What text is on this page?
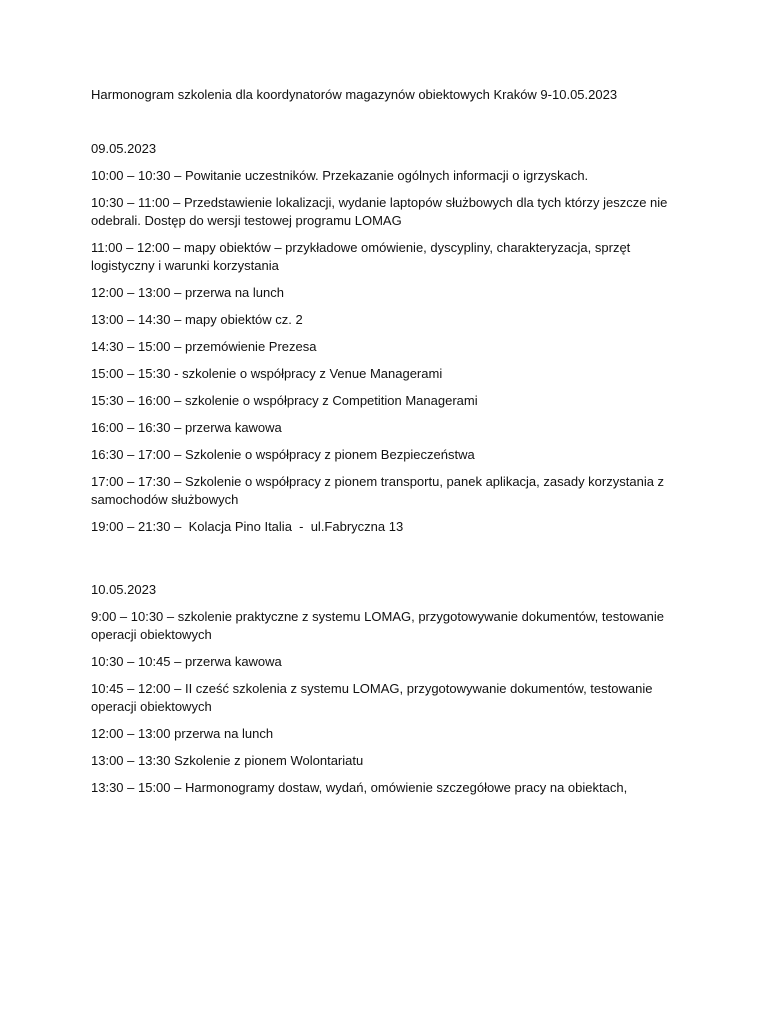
Harmonogram szkolenia dla koordynatorów magazynów obiektowych Kraków 9-10.05.2023

09.05.2023

10:00 – 10:30 – Powitanie uczestników. Przekazanie ogólnych informacji o igrzyskach.

10:30 – 11:00 – Przedstawienie lokalizacji, wydanie laptopów służbowych dla tych którzy jeszcze nie odebrali. Dostęp do wersji testowej programu LOMAG

11:00 – 12:00 – mapy obiektów – przykładowe omówienie, dyscypliny, charakteryzacja, sprzęt logistyczny i warunki korzystania

12:00 – 13:00 – przerwa na lunch

13:00 – 14:30 – mapy obiektów cz. 2

14:30 – 15:00 – przemówienie Prezesa

15:00 – 15:30 - szkolenie o współpracy z Venue Managerami

15:30 – 16:00 – szkolenie o współpracy z Competition Managerami

16:00 – 16:30 – przerwa kawowa

16:30 – 17:00 – Szkolenie o współpracy z pionem Bezpieczeństwa

17:00 – 17:30 – Szkolenie o współpracy z pionem transportu, panek aplikacja, zasady korzystania z samochodów służbowych

19:00 – 21:30 –  Kolacja Pino Italia  -  ul.Fabryczna 13

10.05.2023

9:00 – 10:30 – szkolenie praktyczne z systemu LOMAG, przygotowywanie dokumentów, testowanie operacji obiektowych

10:30 – 10:45 – przerwa kawowa

10:45 – 12:00 – II cześć szkolenia z systemu LOMAG, przygotowywanie dokumentów, testowanie operacji obiektowych

12:00 – 13:00 przerwa na lunch

13:00 – 13:30 Szkolenie z pionem Wolontariatu

13:30 – 15:00 – Harmonogramy dostaw, wydań, omówienie szczegółowe pracy na obiektach,
